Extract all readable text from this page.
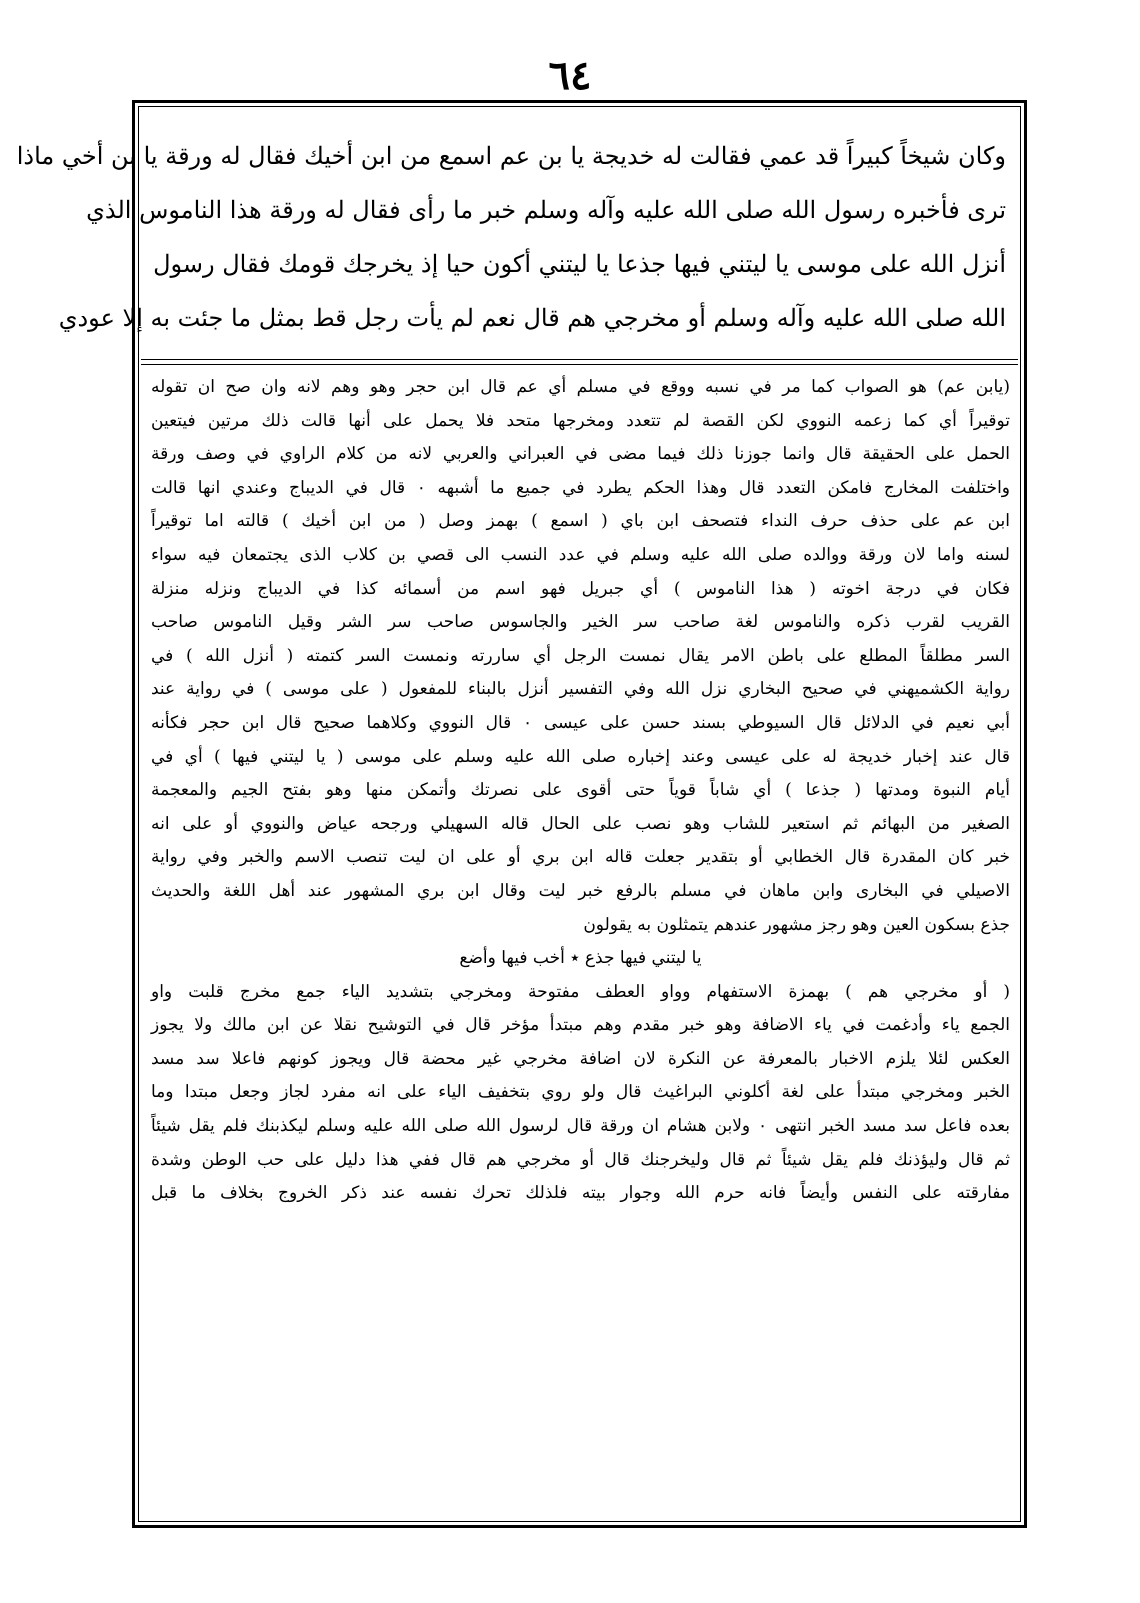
٦٤
وكان شيخاً كبيراً قد عمي فقالت له خديجة يا بن عم اسمع من ابن أخيك فقال له ورقة يا بن أخي ماذا
ترى فأخبره رسول الله صلى الله عليه وآله وسلم خبر ما رأى فقال له ورقة هذا الناموس الذي
أنزل الله على موسى يا ليتني فيها جذعا يا ليتني أكون حيا إذ يخرجك قومك فقال رسول
الله صلى الله عليه وآله وسلم أو مخرجي هم قال نعم لم يأت رجل قط بمثل ما جئت به إلا عودي
(يابن عم) هو الصواب كما مر في نسبه ووقع في مسلم أي عم قال ابن حجر وهو وهم لانه وان صح ان تقوله
توقيراً أي كما زعمه النووي لكن القصة لم تتعدد ومخرجها متحد فلا يحمل على أنها قالت ذلك مرتين فيتعين
الحمل على الحقيقة قال وانما جوزنا ذلك فيما مضى في العبراني والعربي لانه من كلام الراوي في وصف ورقة
واختلفت المخارج فامكن التعدد قال وهذا الحكم يطرد في جميع ما أشبهه ٠ قال في الديباج وعندي انها قالت
ابن عم على حذف حرف النداء فتصحف ابن باي ( اسمع ) بهمز وصل ( من ابن أخيك ) قالته اما توقيراً
لسنه واما لان ورقة ووالده صلى الله عليه وسلم في عدد النسب الى قصي بن كلاب الذى يجتمعان فيه سواء
فكان في درجة اخوته ( هذا الناموس ) أي جبريل فهو اسم من أسمائه كذا في الديباج ونزله منزلة
القريب لقرب ذكره والناموس لغة صاحب سر الخير والجاسوس صاحب سر الشر وقيل الناموس صاحب
السر مطلقاً المطلع على باطن الامر يقال نمست الرجل أي ساررته ونمست السر كتمته ( أنزل الله ) في
رواية الكشميهني في صحيح البخاري نزل الله وفي التفسير أنزل بالبناء للمفعول ( على موسى ) في رواية عند
أبي نعيم في الدلائل قال السيوطي بسند حسن على عيسى ٠ قال النووي وكلاهما صحيح قال ابن حجر فكأنه
قال عند إخبار خديجة له على عيسى وعند إخباره صلى الله عليه وسلم على موسى ( يا ليتني فيها ) أي في
أيام النبوة ومدتها ( جذعا ) أي شاباً قوياً حتى أقوى على نصرتك وأتمكن منها وهو بفتح الجيم والمعجمة
الصغير من البهائم ثم استعير للشاب وهو نصب على الحال قاله السهيلي ورجحه عياض والنووي أو على انه
خبر كان المقدرة قال الخطابي أو بتقدير جعلت قاله ابن بري أو على ان ليت تنصب الاسم والخبر وفي رواية
الاصيلي في البخارى وابن ماهان في مسلم بالرفع خبر ليت وقال ابن بري المشهور عند أهل اللغة والحديث
جذع بسكون العين وهو رجز مشهور عندهم يتمثلون به يقولون
يا ليتني فيها جذع ٭ أخب فيها وأضع
( أو مخرجي هم ) بهمزة الاستفهام وواو العطف مفتوحة ومخرجي بتشديد الياء جمع مخرج قلبت واو
الجمع ياء وأدغمت في ياء الاضافة وهو خبر مقدم وهم مبتدأ مؤخر قال في التوشيح نقلا عن ابن مالك ولا يجوز
العكس لئلا يلزم الاخبار بالمعرفة عن النكرة لان اضافة مخرجي غير محضة قال ويجوز كونهم فاعلا سد مسد
الخبر ومخرجي مبتدأ على لغة أكلوني البراغيث قال ولو روي بتخفيف الياء على انه مفرد لجاز وجعل مبتدا وما
بعده فاعل سد مسد الخبر انتهى ٠ ولابن هشام ان ورقة قال لرسول الله صلى الله عليه وسلم ليكذبنك فلم يقل شيئاً
ثم قال وليؤذنك فلم يقل شيئاً ثم قال وليخرجنك قال أو مخرجي هم قال ففي هذا دليل على حب الوطن وشدة
مفارقته على النفس وأيضاً فانه حرم الله وجوار بيته فلذلك تحرك نفسه عند ذكر الخروج بخلاف ما قبل
